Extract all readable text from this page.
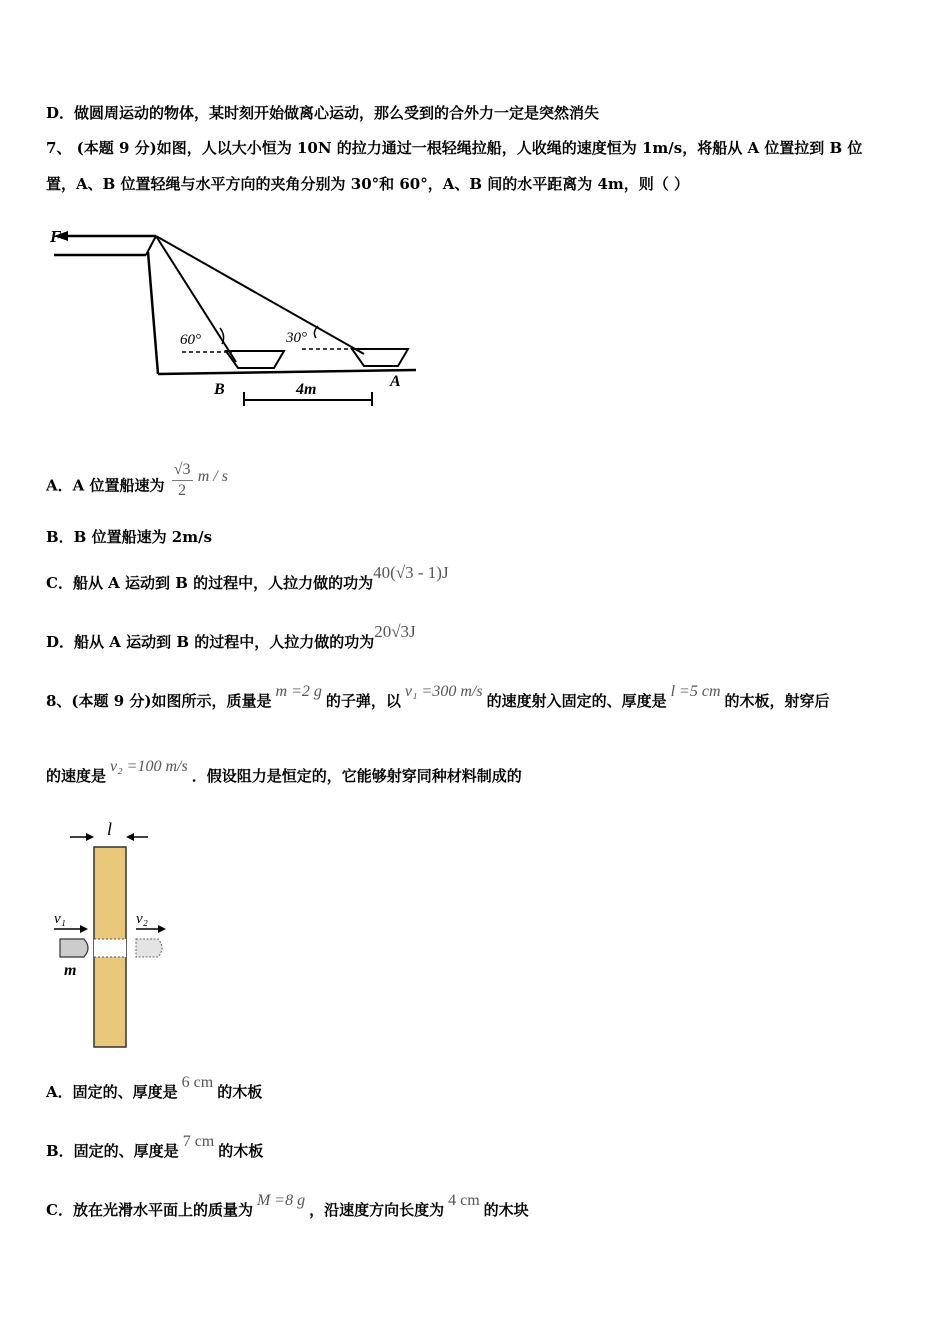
D．做圆周运动的物体，某时刻开始做离心运动，那么受到的合外力一定是突然消失
7、 (本题 9 分)如图，人以大小恒为 10N 的拉力通过一根轻绳拉船，人收绳的速度恒为 1m/s，将船从 A 位置拉到 B 位
置，A、B 位置轻绳与水平方向的夹角分别为 30°和 60°，A、B 间的水平距离为 4m，则（ ）
F
60°	30°
B	A
4m
A．A 位置船速为 $\frac{√3}{2}$ m / s
B．B 位置船速为 2m/s
C．船从 A 运动到 B 的过程中，人拉力做的功为40(√3 - 1)J
D．船从 A 运动到 B 的过程中，人拉力做的功为20√3J
8、(本题 9 分)如图所示，质量是m =2 g的子弹，以v₁ =300 m/s的速度射入固定的、厚度是l =5 cm的木板，射穿后
的速度是v₂ =100 m/s．假设阻力是恒定的，它能够射穿同种材料制成的
l
v₁
m
v₂
A．固定的、厚度是6 cm的木板
B．固定的、厚度是7 cm的木板
C．放在光滑水平面上的质量为M =8 g，沿速度方向长度为4 cm的木块
